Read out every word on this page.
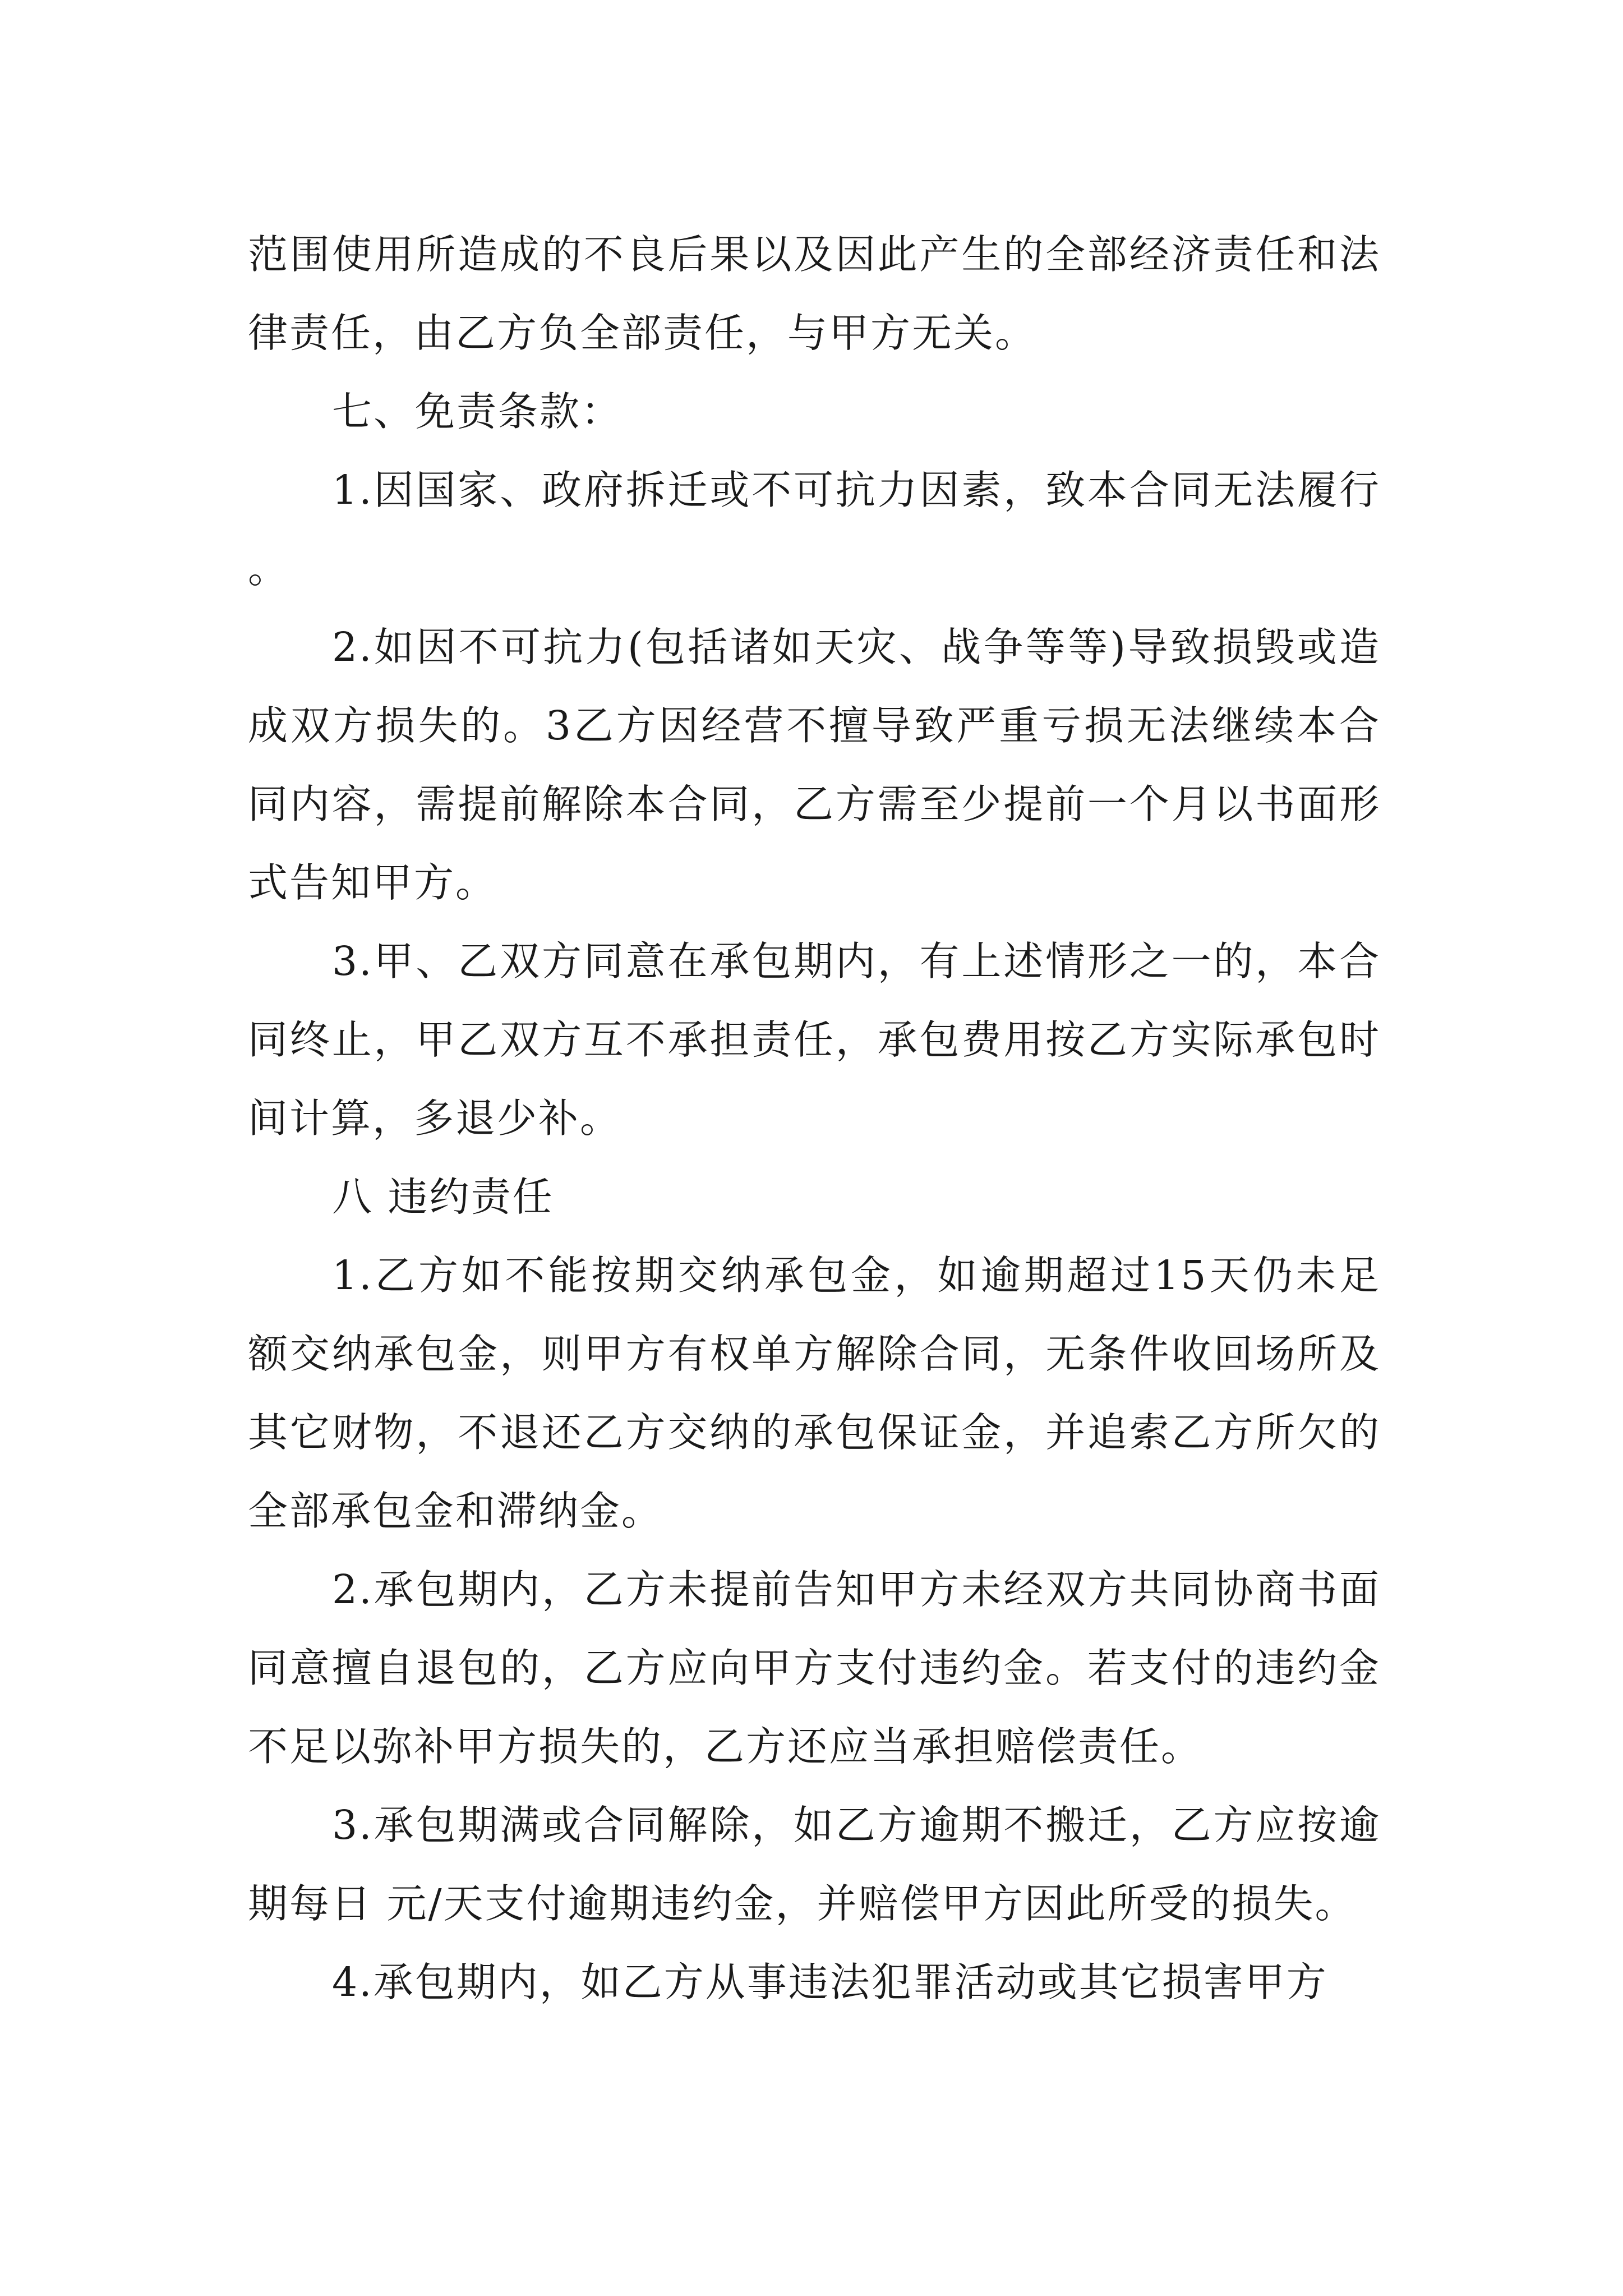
范围使用所造成的不良后果以及因此产生的全部经济责任和法律责任，由乙方负全部责任，与甲方无关。

七、免责条款：

1.因国家、政府拆迁或不可抗力因素，致本合同无法履行。

2.如因不可抗力(包括诸如天灾、战争等等)导致损毁或造成双方损失的。3乙方因经营不擅导致严重亏损无法继续本合同内容，需提前解除本合同，乙方需至少提前一个月以书面形式告知甲方。

3.甲、乙双方同意在承包期内，有上述情形之一的，本合同终止，甲乙双方互不承担责任，承包费用按乙方实际承包时间计算，多退少补。

八 违约责任

1.乙方如不能按期交纳承包金，如逾期超过15天仍未足额交纳承包金，则甲方有权单方解除合同，无条件收回场所及其它财物，不退还乙方交纳的承包保证金，并追索乙方所欠的全部承包金和滞纳金。

2.承包期内，乙方未提前告知甲方未经双方共同协商书面同意擅自退包的，乙方应向甲方支付违约金。若支付的违约金不足以弥补甲方损失的，乙方还应当承担赔偿责任。

3.承包期满或合同解除，如乙方逾期不搬迁，乙方应按逾期每日 元/天支付逾期违约金，并赔偿甲方因此所受的损失。

4.承包期内，如乙方从事违法犯罪活动或其它损害甲方
